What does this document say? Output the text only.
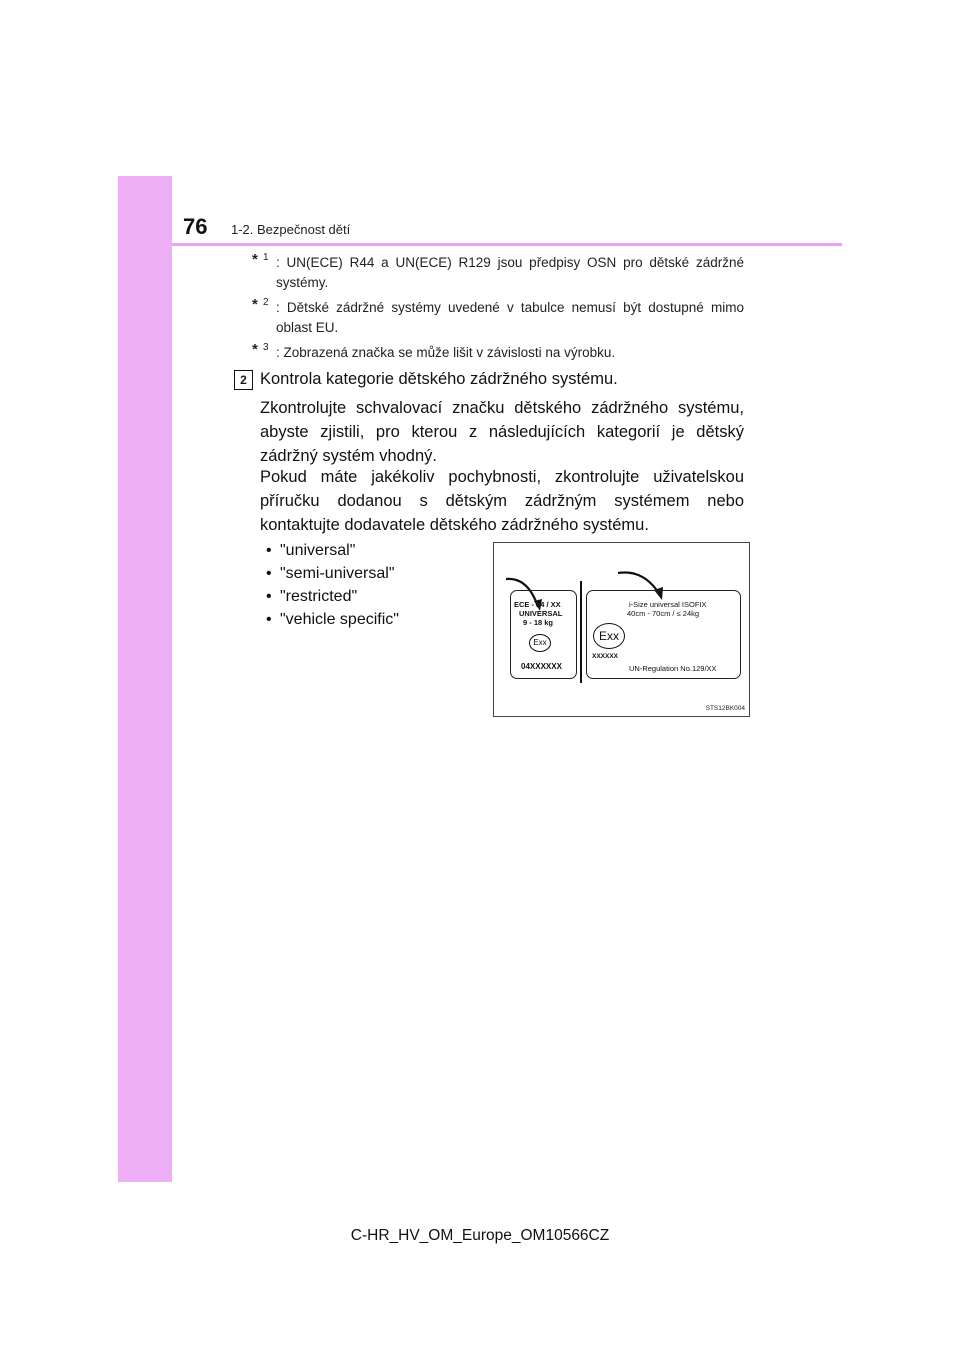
76 1-2. Bezpečnost dětí
* 1 : UN(ECE) R44 a UN(ECE) R129 jsou předpisy OSN pro dětské zádržné systémy.
* 2 : Dětské zádržné systémy uvedené v tabulce nemusí být dostupné mimo oblast EU.
* 3 : Zobrazená značka se může lišit v závislosti na výrobku.
2 Kontrola kategorie dětského zádržného systému.
Zkontrolujte schvalovací značku dětského zádržného systému, abyste zjistili, pro kterou z následujících kategorií je dětský zádržný systém vhodný.
Pokud máte jakékoliv pochybnosti, zkontrolujte uživatelskou příručku dodanou s dětským zádržným systémem nebo kontaktujte dodavatele dětského zádržného systému.
• "universal"
• "semi-universal"
• "restricted"
• "vehicle specific"
ECE - 44 / XX
UNIVERSAL
9 - 18 kg
Exx
04XXXXXX
i-Size universal ISOFIX
40cm - 70cm / ≤ 24kg
Exx
XXXXXX
UN-Regulation No.129/XX
STS12BK004
C-HR_HV_OM_Europe_OM10566CZ
